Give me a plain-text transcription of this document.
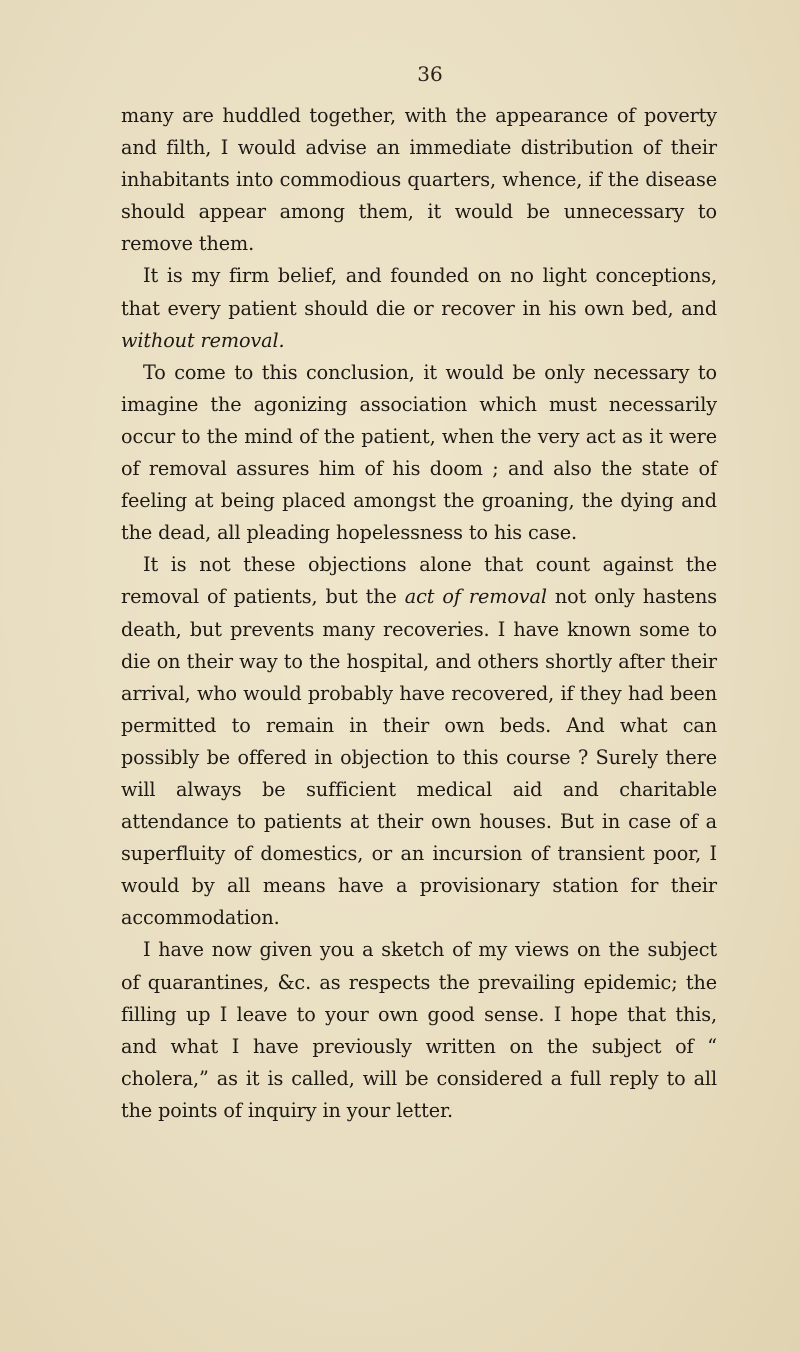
36

many are huddled together, with the appearance of poverty and filth, I would advise an immediate distribution of their inhabitants into commodious quarters, whence, if the disease should appear among them, it would be unnecessary to remove them.

It is my firm belief, and founded on no light conceptions, that every patient should die or recover in his own bed, and without removal.

To come to this conclusion, it would be only necessary to imagine the agonizing association which must necessarily occur to the mind of the patient, when the very act as it were of removal assures him of his doom ; and also the state of feeling at being placed amongst the groaning, the dying and the dead, all pleading hopelessness to his case.

It is not these objections alone that count against the removal of patients, but the act of removal not only hastens death, but prevents many recoveries. I have known some to die on their way to the hospital, and others shortly after their arrival, who would probably have recovered, if they had been permitted to remain in their own beds. And what can possibly be offered in objection to this course ? Surely there will always be sufficient medical aid and charitable attendance to patients at their own houses. But in case of a superfluity of domestics, or an incursion of transient poor, I would by all means have a provisionary station for their accommodation.

I have now given you a sketch of my views on the subject of quarantines, &c. as respects the prevailing epidemic; the filling up I leave to your own good sense. I hope that this, and what I have previously written on the subject of “ cholera,” as it is called, will be considered a full reply to all the points of inquiry in your letter.
